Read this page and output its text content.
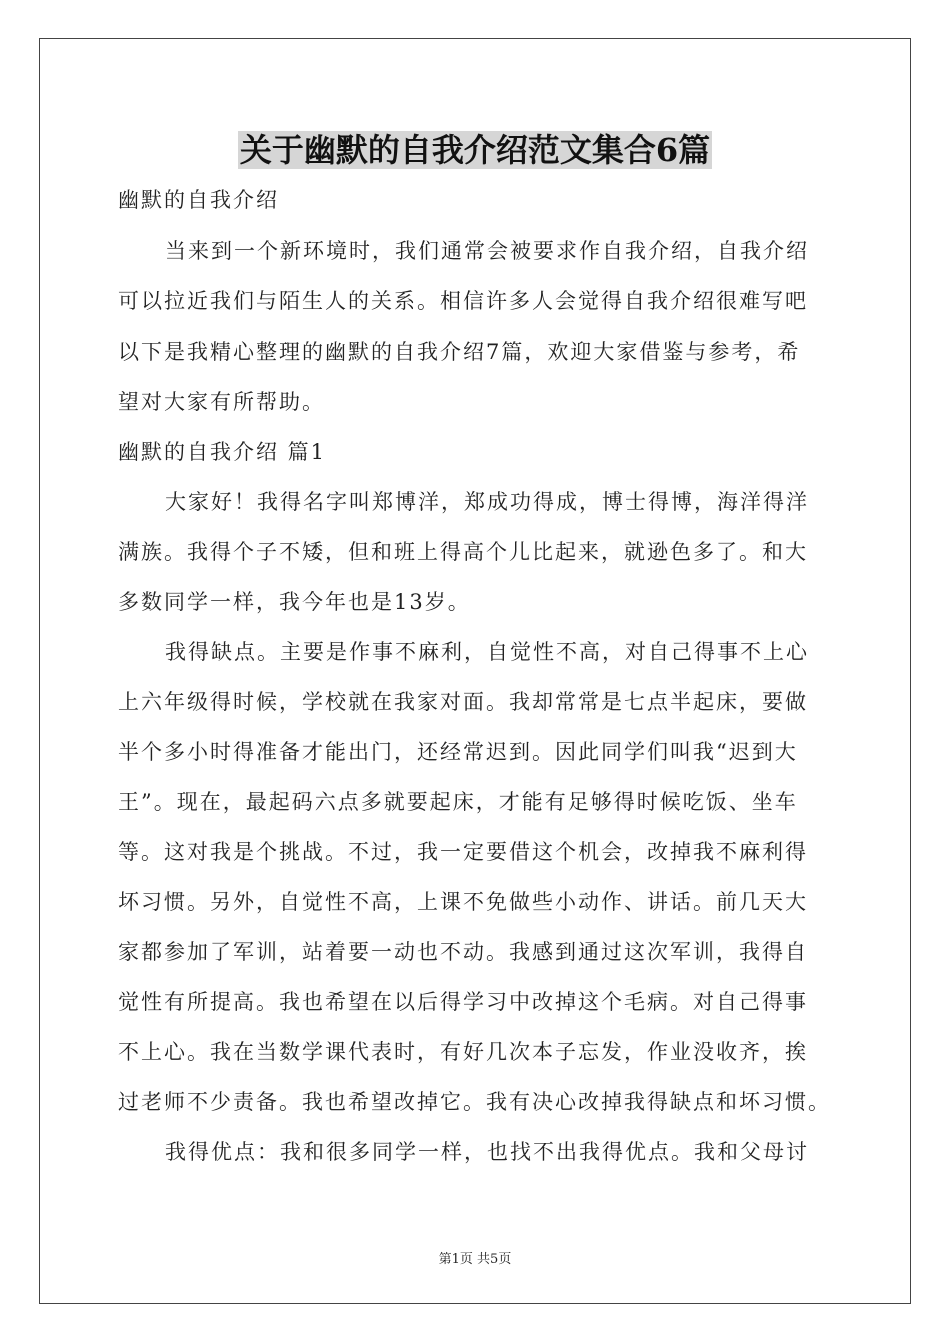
关于幽默的自我介绍范文集合6篇
幽默的自我介绍
当来到一个新环境时，我们通常会被要求作自我介绍，自我介绍
可以拉近我们与陌生人的关系。相信许多人会觉得自我介绍很难写吧
以下是我精心整理的幽默的自我介绍7篇，欢迎大家借鉴与参考，希
望对大家有所帮助。
幽默的自我介绍 篇1
大家好！我得名字叫郑博洋，郑成功得成，博士得博，海洋得洋
满族。我得个子不矮，但和班上得高个儿比起来，就逊色多了。和大
多数同学一样，我今年也是13岁。
我得缺点。主要是作事不麻利，自觉性不高，对自己得事不上心
上六年级得时候，学校就在我家对面。我却常常是七点半起床，要做
半个多小时得准备才能出门，还经常迟到。因此同学们叫我“迟到大
王”。现在，最起码六点多就要起床，才能有足够得时候吃饭、坐车
等。这对我是个挑战。不过，我一定要借这个机会，改掉我不麻利得
坏习惯。另外，自觉性不高，上课不免做些小动作、讲话。前几天大
家都参加了军训，站着要一动也不动。我感到通过这次军训，我得自
觉性有所提高。我也希望在以后得学习中改掉这个毛病。对自己得事
不上心。我在当数学课代表时，有好几次本子忘发，作业没收齐，挨
过老师不少责备。我也希望改掉它。我有决心改掉我得缺点和坏习惯。
我得优点：我和很多同学一样，也找不出我得优点。我和父母讨
第1页 共5页
